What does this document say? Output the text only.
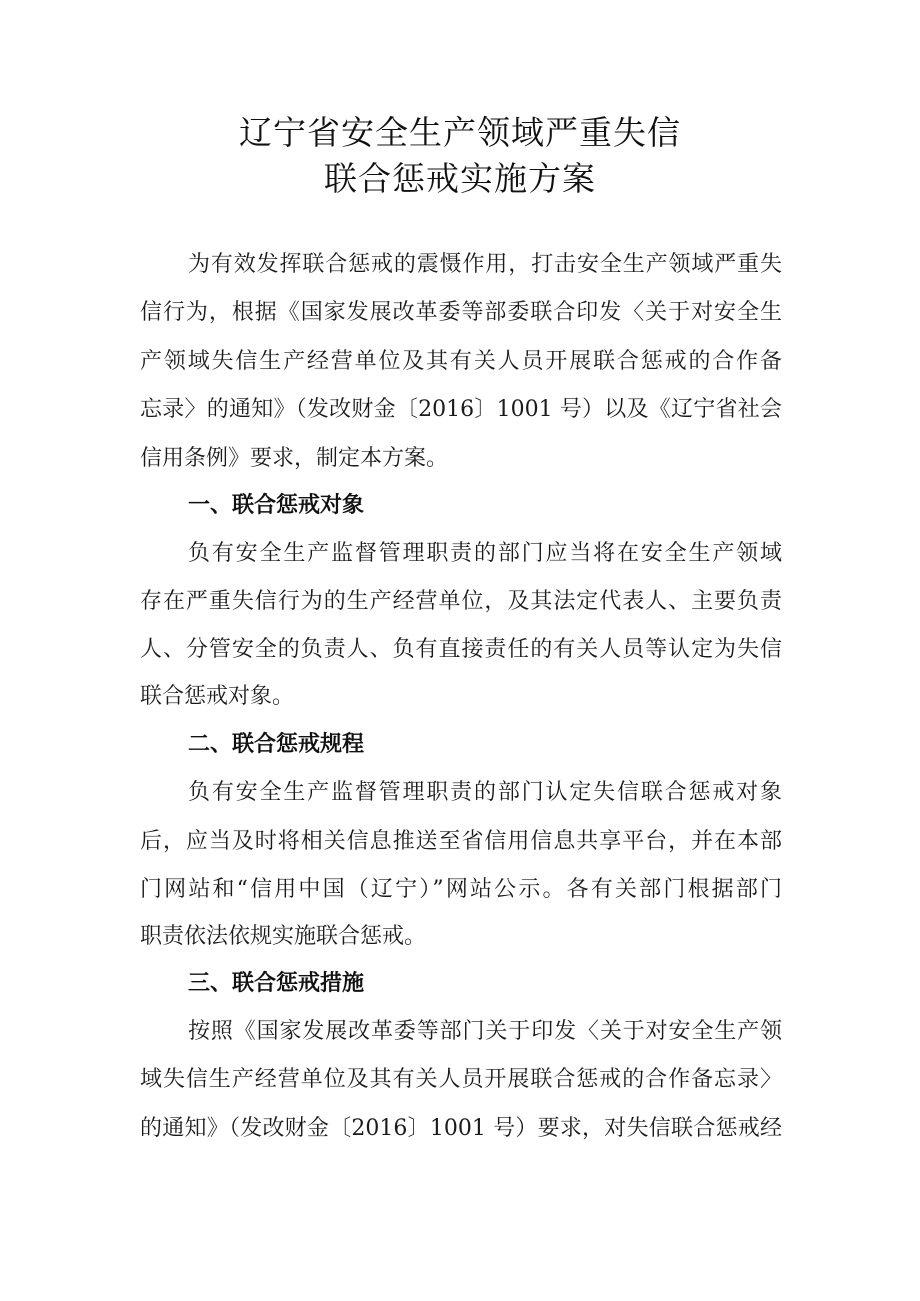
辽宁省安全生产领域严重失信
联合惩戒实施方案
为有效发挥联合惩戒的震慑作用，打击安全生产领域严重失
信行为，根据《国家发展改革委等部委联合印发〈关于对安全生
产领域失信生产经营单位及其有关人员开展联合惩戒的合作备
忘录〉的通知》（发改财金〔2016〕1001 号）以及《辽宁省社会
信用条例》要求，制定本方案。
一、联合惩戒对象
负有安全生产监督管理职责的部门应当将在安全生产领域
存在严重失信行为的生产经营单位，及其法定代表人、主要负责
人、分管安全的负责人、负有直接责任的有关人员等认定为失信
联合惩戒对象。
二、联合惩戒规程
负有安全生产监督管理职责的部门认定失信联合惩戒对象
后，应当及时将相关信息推送至省信用信息共享平台，并在本部
门网站和“信用中国（辽宁）”网站公示。各有关部门根据部门
职责依法依规实施联合惩戒。
三、联合惩戒措施
按照《国家发展改革委等部门关于印发〈关于对安全生产领
域失信生产经营单位及其有关人员开展联合惩戒的合作备忘录〉
的通知》（发改财金〔2016〕1001 号）要求，对失信联合惩戒经
